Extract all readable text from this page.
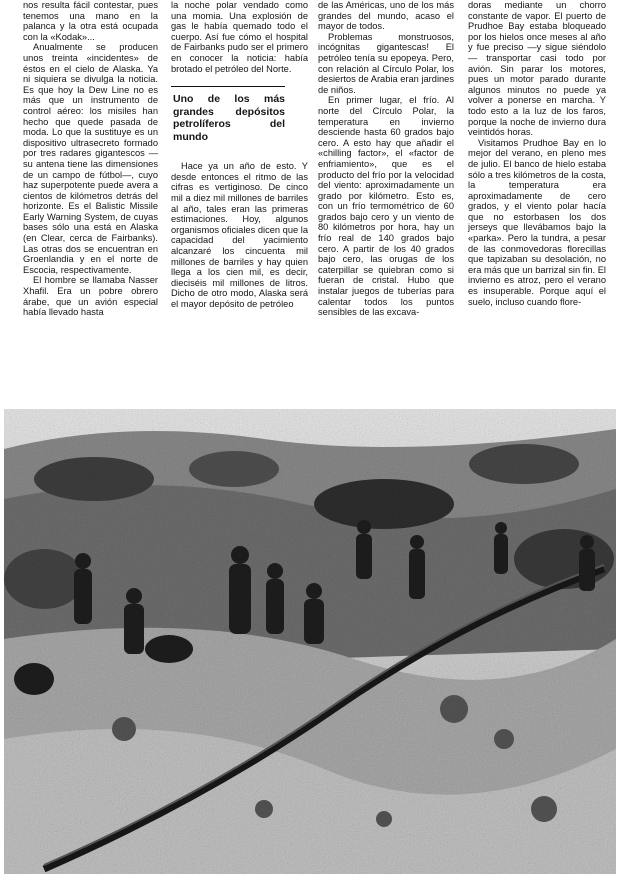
nos resulta fácil contestar, pues tenemos una mano en la palanca y la otra está ocupada con la «Kodak»...

Anualmente se producen unos treinta «incidentes» de éstos en el cielo de Alaska. Ya ni siquiera se divulga la noticia. Es que hoy la Dew Line no es más que un instrumento de control aéreo: los misiles han hecho que quede pasada de moda. Lo que la sustituye es un dispositivo ultrasecreto formado por tres radares gigantescos —su antena tiene las dimensiones de un campo de fútbol—, cuyo haz superpotente puede avera a cientos de kilómetros detrás del horizonte. Es el Balistic Missile Early Warning System, de cuyas bases sólo una está en Alaska (en Clear, cerca de Fairbanks). Las otras dos se encuentran en Groenlandia y en el norte de Escocia, respectivamente.

El hombre se llamaba Nasser Xhafil. Era un pobre obrero árabe, que un avión especial había llevado hasta

la noche polar vendado como una momia. Una explosión de gas le había quemado todo el cuerpo. Así fue cómo el hospital de Fairbanks pudo ser el primero en conocer la noticia: había brotado el petróleo del Norte.

Uno de los más grandes depósitos petrolíferos del mundo

Hace ya un año de esto. Y desde entonces el ritmo de las cifras es vertiginoso. De cinco mil a diez mil millones de barriles al año, tales eran las primeras estimaciones. Hoy, algunos organismos oficiales dicen que la capacidad del yacimiento alcanzaré los cincuenta mil millones de barriles y hay quien llega a los cien mil, es decir, dieciséis mil millones de litros. Dicho de otro modo, Alaska será el mayor depósito de petróleo

de las Américas, uno de los más grandes del mundo, acaso el mayor de todos.

Problemas monstruosos, incógnitas gigantescas! El petróleo tenía su epopeya. Pero, con relación al Círculo Polar, los desiertos de Arabia eran jardines de niños.

En primer lugar, el frío. Al norte del Círculo Polar, la temperatura en invierno desciende hasta 60 grados bajo cero. A esto hay que añadir el «chilling factor», el «factor de enfriamiento», que es el producto del frío por la velocidad del viento: aproximadamente un grado por kilómetro. Esto es, con un frío termométrico de 60 grados bajo cero y un viento de 80 kilómetros por hora, hay un frío real de 140 grados bajo cero. A partir de los 40 grados bajo cero, las orugas de los caterpillar se quiebran como si fueran de cristal. Hubo que instalar juegos de tuberías para calentar todos los puntos sensibles de las excava-

doras mediante un chorro constante de vapor. El puerto de Prudhoe Bay estaba bloqueado por los hielos once meses al año y fue preciso —y sigue siéndolo— transportar casi todo por avión. Sin parar los motores, pues un motor parado durante algunos minutos no puede ya volver a ponerse en marcha. Y todo esto a la luz de los faros, porque la noche de invierno dura veintidós horas.

Visitamos Prudhoe Bay en lo mejor del verano, en pleno mes de julio. El banco de hielo estaba sólo a tres kilómetros de la costa, la temperatura era aproximadamente de cero grados, y el viento polar hacía que no estorbasen los dos jerseys que llevábamos bajo la «parka». Pero la tundra, a pesar de las conmovedoras florecillas que tapizaban su desolación, no era más que un barrizal sin fin. El invierno es atroz, pero el verano es insuperable. Porque aquí el suelo, incluso cuando flore-
